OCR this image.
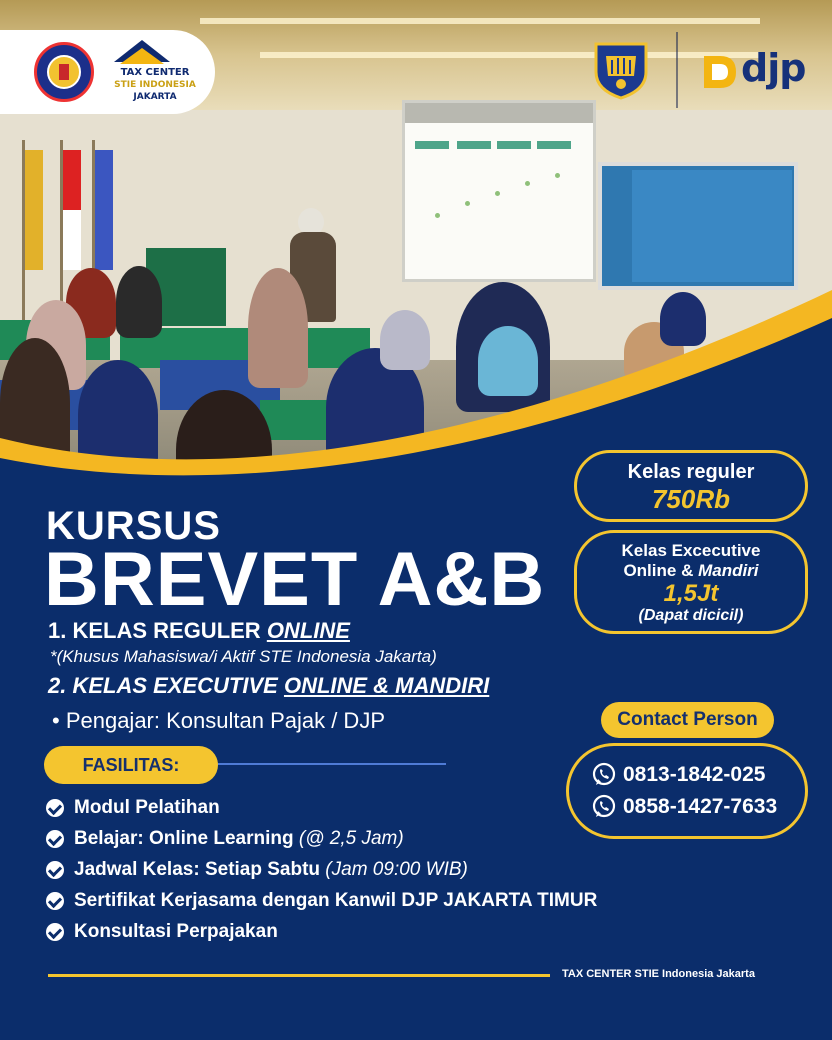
TAX CENTER
STIE INDONESIA
JAKARTA
djp
KURSUS
BREVET A&B
1. KELAS REGULER ONLINE
*(Khusus Mahasiswa/i Aktif STE Indonesia Jakarta)
2. KELAS EXECUTIVE ONLINE & MANDIRI
• Pengajar: Konsultan Pajak / DJP
FASILITAS:
Modul Pelatihan
Belajar: Online Learning (@ 2,5 Jam)
Jadwal Kelas: Setiap Sabtu (Jam 09:00 WIB)
Sertifikat Kerjasama dengan Kanwil DJP JAKARTA TIMUR
Konsultasi Perpajakan
Kelas reguler
750Rb
Kelas Excecutive
Online & Mandiri
1,5Jt
(Dapat dicicil)
Contact Person
0813-1842-025
0858-1427-7633
TAX CENTER STIE Indonesia Jakarta
